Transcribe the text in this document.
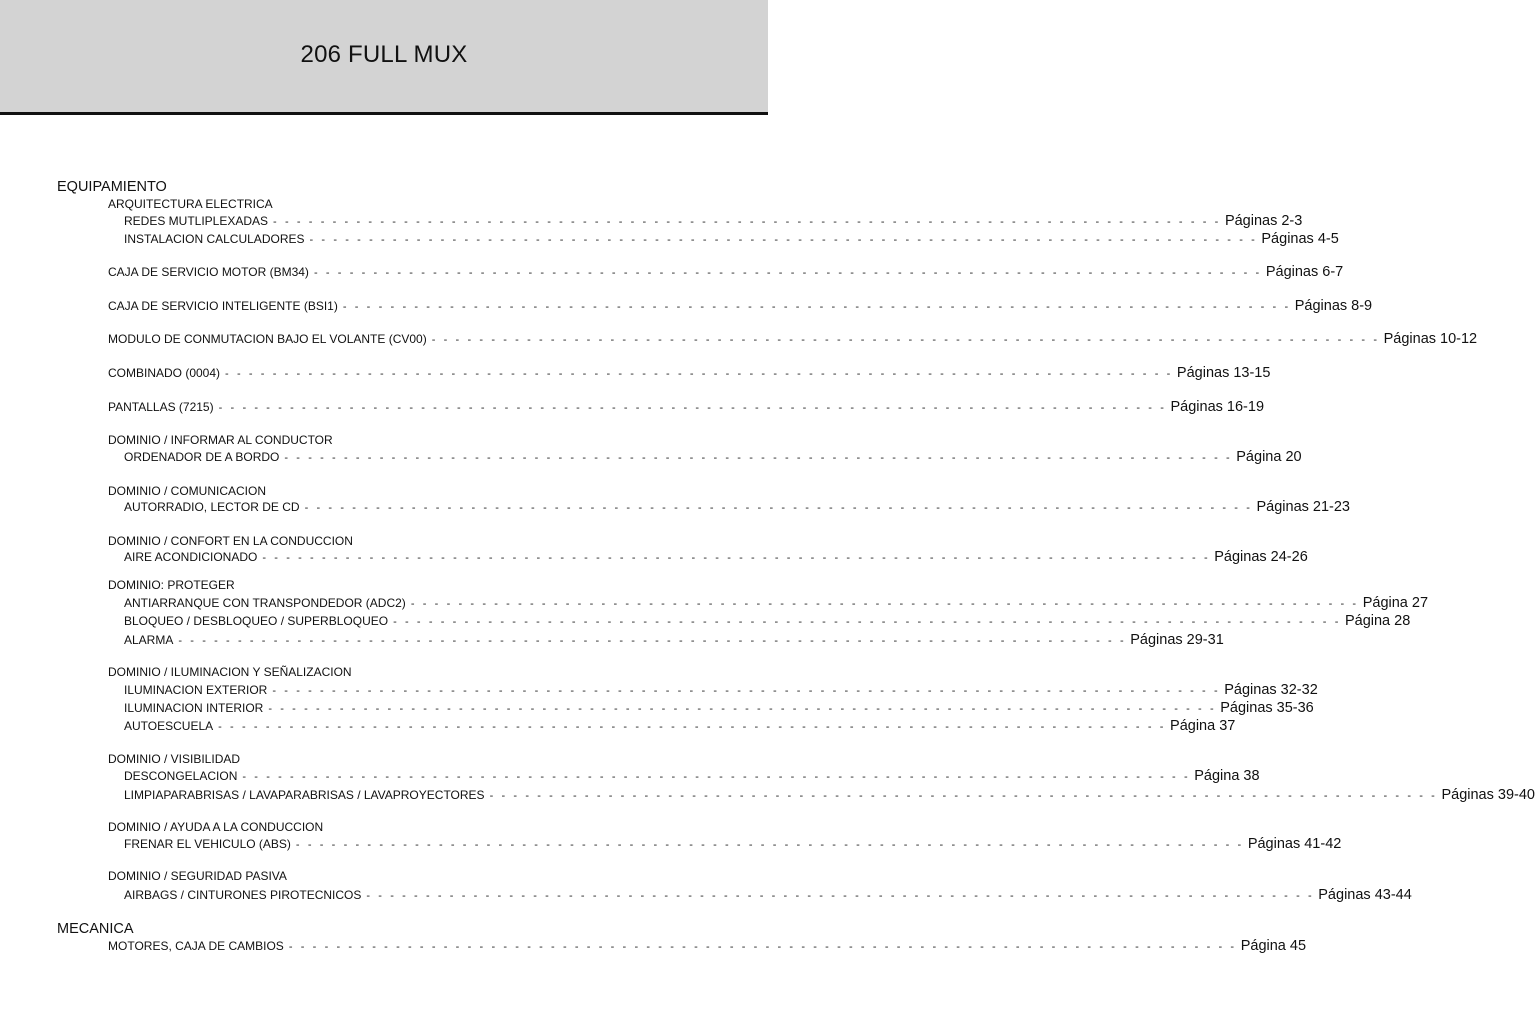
206 FULL MUX
EQUIPAMIENTO
ARQUITECTURA ELECTRICA
REDES MUTLIPLEXADAS - - - - - - - - - - - - - - - - - - - - - - - - - - - - - - - - - - - - - - - - - - - - - - - - - - - - - - - - - - - - - - - - - - - - - - - - - - - - - - - - Páginas 2-3
INSTALACION CALCULADORES - - - - - - - - - - - - - - - - - - - - - - - - - - - - - - - - - - - - - - - - - - - - - - - - - - - - - - - - - - - - - - - - - - - - - - - - - - - - - - - - Páginas 4-5
CAJA DE SERVICIO MOTOR (BM34) - - - - - - - - - - - - - - - - - - - - - - - - - - - - - - - - - - - - - - - - - - - - - - - - - - - - - - - - - - - - - - - - - - - - - - - - - - - - - - - - Páginas 6-7
CAJA DE SERVICIO INTELIGENTE (BSI1) - - - - - - - - - - - - - - - - - - - - - - - - - - - - - - - - - - - - - - - - - - - - - - - - - - - - - - - - - - - - - - - - - - - - - - - - - - - - - - - - Páginas 8-9
MODULO DE CONMUTACION BAJO EL VOLANTE (CV00) - - - - - - - - - - - - - - - - - - - - - - - - - - - - - - - - - - - - - - - - - - - - - - - - - - - - - - - - - - - - - - - - - - - - - - - - - - - - - - - - Páginas 10-12
COMBINADO (0004) - - - - - - - - - - - - - - - - - - - - - - - - - - - - - - - - - - - - - - - - - - - - - - - - - - - - - - - - - - - - - - - - - - - - - - - - - - - - - - - - Páginas 13-15
PANTALLAS (7215) - - - - - - - - - - - - - - - - - - - - - - - - - - - - - - - - - - - - - - - - - - - - - - - - - - - - - - - - - - - - - - - - - - - - - - - - - - - - - - - - Páginas 16-19
DOMINIO / INFORMAR AL CONDUCTOR
ORDENADOR DE A BORDO - - - - - - - - - - - - - - - - - - - - - - - - - - - - - - - - - - - - - - - - - - - - - - - - - - - - - - - - - - - - - - - - - - - - - - - - - - - - - - - - Página 20
DOMINIO / COMUNICACION
AUTORRADIO, LECTOR DE CD - - - - - - - - - - - - - - - - - - - - - - - - - - - - - - - - - - - - - - - - - - - - - - - - - - - - - - - - - - - - - - - - - - - - - - - - - - - - - - - - Páginas 21-23
DOMINIO / CONFORT EN LA CONDUCCION
AIRE ACONDICIONADO - - - - - - - - - - - - - - - - - - - - - - - - - - - - - - - - - - - - - - - - - - - - - - - - - - - - - - - - - - - - - - - - - - - - - - - - - - - - - - - - Páginas 24-26
DOMINIO: PROTEGER
ANTIARRANQUE CON TRANSPONDEDOR (ADC2) - - - - - - - - - - - - - - - - - - - - - - - - - - - - - - - - - - - - - - - - - - - - - - - - - - - - - - - - - - - - - - - - - - - - - - - - - - - - - - - - Página 27
BLOQUEO / DESBLOQUEO / SUPERBLOQUEO - - - - - - - - - - - - - - - - - - - - - - - - - - - - - - - - - - - - - - - - - - - - - - - - - - - - - - - - - - - - - - - - - - - - - - - - - - - - - - - - Página 28
ALARMA - - - - - - - - - - - - - - - - - - - - - - - - - - - - - - - - - - - - - - - - - - - - - - - - - - - - - - - - - - - - - - - - - - - - - - - - - - - - - - - - Páginas 29-31
DOMINIO / ILUMINACION Y SEÑALIZACION
ILUMINACION EXTERIOR - - - - - - - - - - - - - - - - - - - - - - - - - - - - - - - - - - - - - - - - - - - - - - - - - - - - - - - - - - - - - - - - - - - - - - - - - - - - - - - - Páginas 32-32
ILUMINACION INTERIOR - - - - - - - - - - - - - - - - - - - - - - - - - - - - - - - - - - - - - - - - - - - - - - - - - - - - - - - - - - - - - - - - - - - - - - - - - - - - - - - - Páginas 35-36
AUTOESCUELA - - - - - - - - - - - - - - - - - - - - - - - - - - - - - - - - - - - - - - - - - - - - - - - - - - - - - - - - - - - - - - - - - - - - - - - - - - - - - - - - Página 37
DOMINIO / VISIBILIDAD
DESCONGELACION - - - - - - - - - - - - - - - - - - - - - - - - - - - - - - - - - - - - - - - - - - - - - - - - - - - - - - - - - - - - - - - - - - - - - - - - - - - - - - - - Página 38
LIMPIAPARABRISAS / LAVAPARABRISAS / LAVAPROYECTORES - - - - - - - - - - - - - - - - - - - - - - - - - - - - - - - - - - - - - - - - - - - - - - - - - - - - - - - - - - - - - - - - - - - - - - - - - - - - - - - - Páginas 39-40
DOMINIO / AYUDA A LA CONDUCCION
FRENAR EL VEHICULO (ABS) - - - - - - - - - - - - - - - - - - - - - - - - - - - - - - - - - - - - - - - - - - - - - - - - - - - - - - - - - - - - - - - - - - - - - - - - - - - - - - - - Páginas 41-42
DOMINIO / SEGURIDAD PASIVA
AIRBAGS / CINTURONES PIROTECNICOS - - - - - - - - - - - - - - - - - - - - - - - - - - - - - - - - - - - - - - - - - - - - - - - - - - - - - - - - - - - - - - - - - - - - - - - - - - - - - - - - Páginas 43-44
MECANICA
MOTORES, CAJA DE CAMBIOS - - - - - - - - - - - - - - - - - - - - - - - - - - - - - - - - - - - - - - - - - - - - - - - - - - - - - - - - - - - - - - - - - - - - - - - - - - - - - - - - Página 45
